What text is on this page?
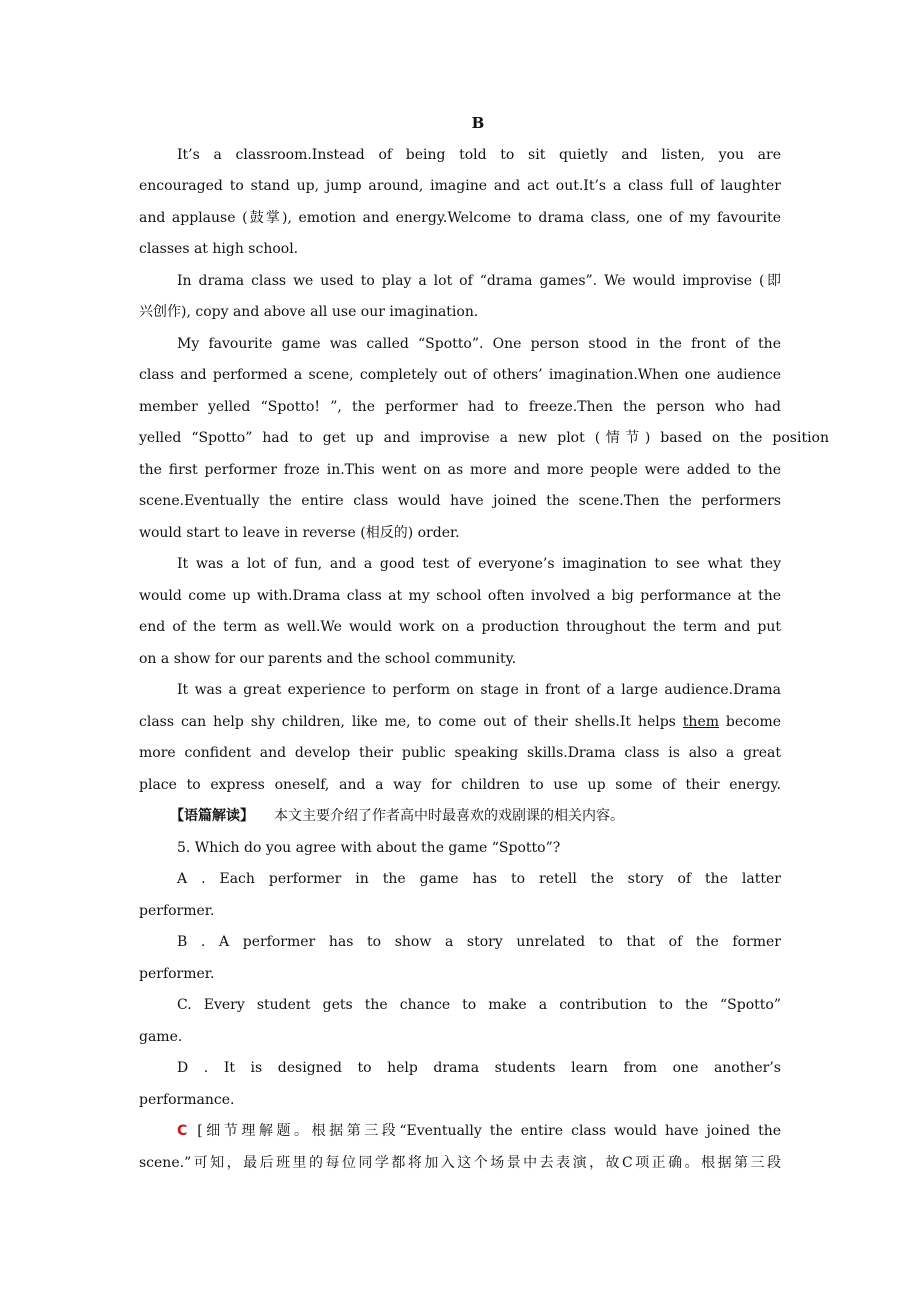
B
It’s a classroom.Instead of being told to sit quietly and listen, you are
encouraged to stand up, jump around, imagine and act out.It’s a class full of laughter
and applause (鼓掌), emotion and energy.Welcome to drama class, one of my favourite
classes at high school.
In drama class we used to play a lot of “drama games”. We would improvise (即
兴创作), copy and above all use our imagination.
My favourite game was called “Spotto”. One person stood in the front of the
class and performed a scene, completely out of others’ imagination.When one audience
member yelled “Spotto! ”, the performer had to freeze.Then the person who had
yelled “Spotto” had to get up and improvise a new plot (情节) based on the position
the first performer froze in.This went on as more and more people were added to the
scene.Eventually the entire class would have joined the scene.Then the performers
would start to leave in reverse (相反的) order.
It was a lot of fun, and a good test of everyone’s imagination to see what they
would come up with.Drama class at my school often involved a big performance at the
end of the term as well.We would work on a production throughout the term and put
on a show for our parents and the school community.
It was a great experience to perform on stage in front of a large audience.Drama
class can help shy children, like me, to come out of their shells.It helps them become
more confident and develop their public speaking skills.Drama class is also a great
place to express oneself, and a way for children to use up some of their energy.
【语篇解读】 本文主要介绍了作者高中时最喜欢的戏剧课的相关内容。
5. Which do you agree with about the game “Spotto”?
A . Each performer in the game has to retell the story of the latter
performer.
B . A performer has to show a story unrelated to that of the former
performer.
C. Every student gets the chance to make a contribution to the “Spotto”
game.
D . It is designed to help drama students learn from one another’s
performance.
C [细节理解题。根据第三段“Eventually the entire class would have joined the
scene.”可知，最后班里的每位同学都将加入这个场景中去表演，故C项正确。根据第三段
